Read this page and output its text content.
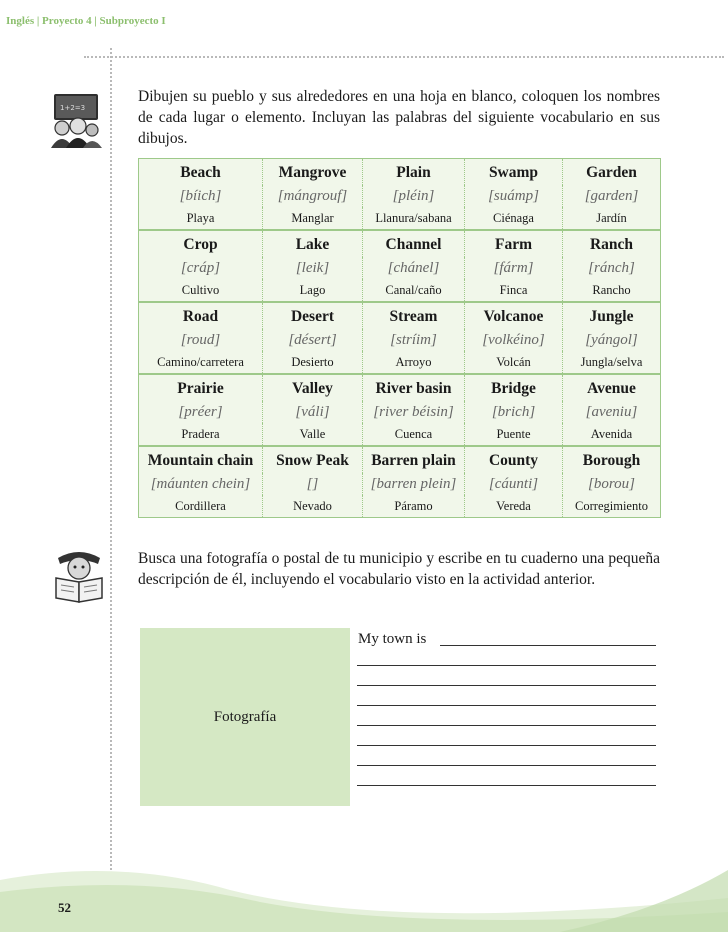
Inglés | Proyecto 4 | Subproyecto I
1+2=3
Dibujen su pueblo y sus alrededores en una hoja en blanco, coloquen los nombres de cada lugar o elemento. Incluyan las palabras del siguiente vocabulario en sus dibujos.
Beach	Mangrove	Plain	Swamp	Garden
[bíich]	[mángrouf]	[pléin]	[suámp]	[garden]
Playa	Manglar	Llanura/sabana	Ciénaga	Jardín
Crop	Lake	Channel	Farm	Ranch
[cráp]	[leik]	[chánel]	[fárm]	[ránch]
Cultivo	Lago	Canal/caño	Finca	Rancho
Road	Desert	Stream	Volcanoe	Jungle
[roud]	[désert]	[stríim]	[volkéino]	[yángol]
Camino/carretera	Desierto	Arroyo	Volcán	Jungla/selva
Prairie	Valley	River basin	Bridge	Avenue
[préer]	[váli]	[river béisin]	[brich]	[aveniu]
Pradera	Valle	Cuenca	Puente	Avenida
Mountain chain	Snow Peak	Barren plain	County	Borough
[máunten chein]	[]	[barren plein]	[cáunti]	[borou]
Cordillera	Nevado	Páramo	Vereda	Corregimiento
Busca una fotografía o postal de tu municipio y escribe en tu cuaderno una pequeña descripción de él, incluyendo el vocabulario visto en la actividad anterior.
Fotografía
My town is
52
